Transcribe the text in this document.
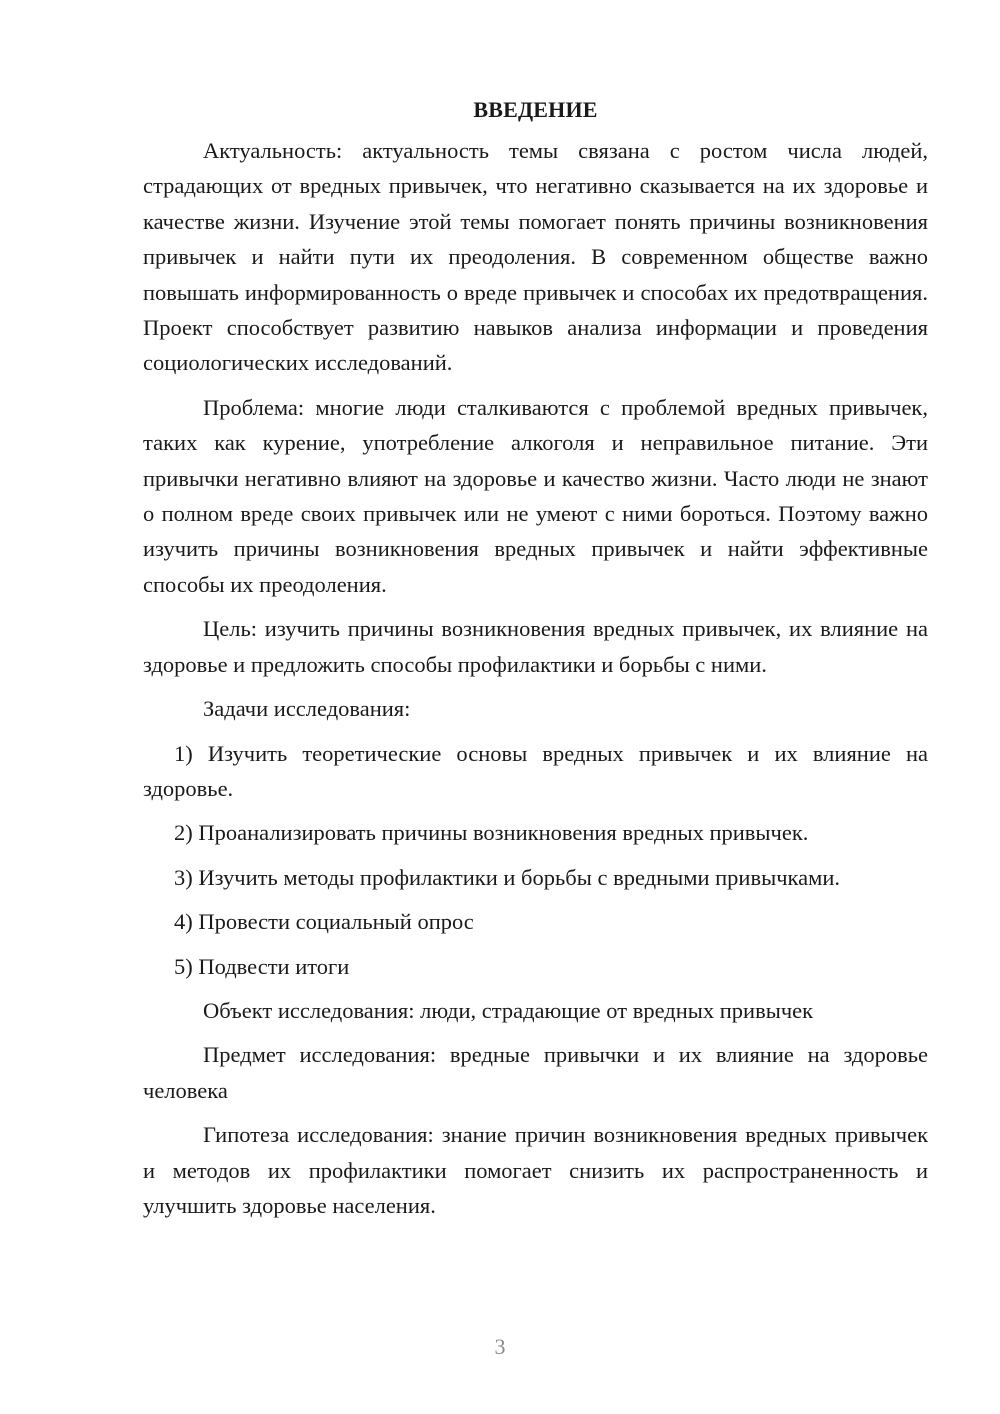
ВВЕДЕНИЕ

Актуальность: актуальность темы связана с ростом числа людей, страдающих от вредных привычек, что негативно сказывается на их здоровье и качестве жизни. Изучение этой темы помогает понять причины возникновения привычек и найти пути их преодоления. В современном обществе важно повышать информированность о вреде привычек и способах их предотвращения. Проект способствует развитию навыков анализа информации и проведения социологических исследований.

Проблема: многие люди сталкиваются с проблемой вредных привычек, таких как курение, употребление алкоголя и неправильное питание. Эти привычки негативно влияют на здоровье и качество жизни. Часто люди не знают о полном вреде своих привычек или не умеют с ними бороться. Поэтому важно изучить причины возникновения вредных привычек и найти эффективные способы их преодоления.

Цель: изучить причины возникновения вредных привычек, их влияние на здоровье и предложить способы профилактики и борьбы с ними.

Задачи исследования:

1) Изучить теоретические основы вредных привычек и их влияние на здоровье.

2) Проанализировать причины возникновения вредных привычек.

3) Изучить методы профилактики и борьбы с вредными привычками.

4) Провести социальный опрос

5) Подвести итоги

Объект исследования: люди, страдающие от вредных привычек

Предмет исследования: вредные привычки и их влияние на здоровье человека

Гипотеза исследования: знание причин возникновения вредных привычек и методов их профилактики помогает снизить их распространенность и улучшить здоровье населения.

3
